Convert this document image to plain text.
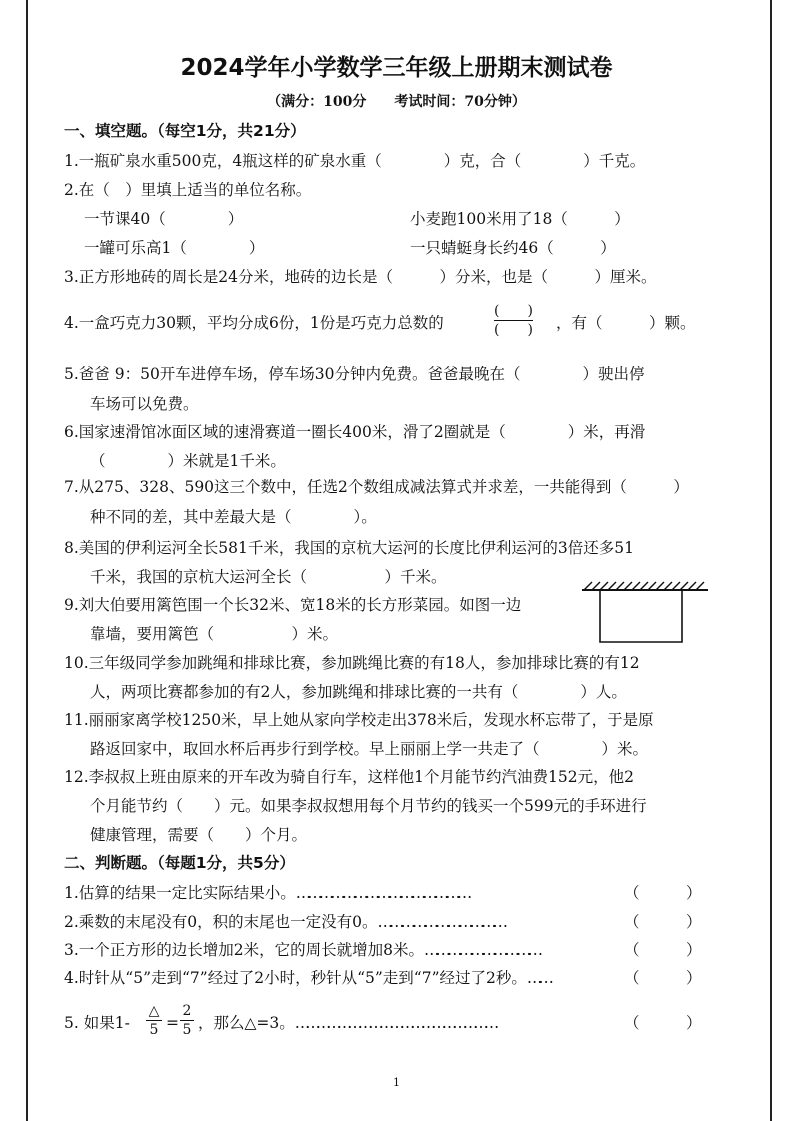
2024学年小学数学三年级上册期末测试卷
（满分：100分　　考试时间：70分钟）
一、填空题。（每空1分，共21分）
1.一瓶矿泉水重500克，4瓶这样的矿泉水重（　　　　）克，合（　　　　）千克。
2.在（　）里填上适当的单位名称。
一节课40（　　　　）	小麦跑100米用了18（　　　）
一罐可乐高1（　　　　）	一只蜻蜓身长约46（　　　）
3.正方形地砖的周长是24分米，地砖的边长是（　　　）分米，也是（　　　）厘米。
4.一盒巧克力30颗，平均分成6份，1份是巧克力总数的
(　　)
(　　) ，有（　　　）颗。
5.爸爸 9：50开车进停车场，停车场30分钟内免费。爸爸最晚在（　　　　）驶出停
车场可以免费。
6.国家速滑馆冰面区域的速滑赛道一圈长400米，滑了2圈就是（　　　　）米，再滑
（　　　　）米就是1千米。
7.从275、328、590这三个数中，任选2个数组成减法算式并求差，一共能得到（　　　）
种不同的差，其中差最大是（　　　　）。
8.美国的伊利运河全长581千米，我国的京杭大运河的长度比伊利运河的3倍还多51
千米，我国的京杭大运河全长（　　　　　）千米。
9.刘大伯要用篱笆围一个长32米、宽18米的长方形菜园。如图一边
靠墙，要用篱笆（　　　　　）米。
10.三年级同学参加跳绳和排球比赛，参加跳绳比赛的有18人，参加排球比赛的有12
人，两项比赛都参加的有2人，参加跳绳和排球比赛的一共有（　　　　）人。
11.丽丽家离学校1250米，早上她从家向学校走出378米后，发现水杯忘带了，于是原
路返回家中，取回水杯后再步行到学校。早上丽丽上学一共走了（　　　　）米。
12.李叔叔上班由原来的开车改为骑自行车，这样他1个月能节约汽油费152元，他2
个月能节约（　　）元。如果李叔叔想用每个月节约的钱买一个599元的手环进行
健康管理，需要（　　）个月。
二、判断题。（每题1分，共5分）
1.估算的结果一定比实际结果小。………………………………………	（　　　）
2.乘数的末尾没有0，积的末尾也一定没有0。……………………………	（　　　）
3.一个正方形的边长增加2米，它的周长就增加8米。…………………………	（　　　）
4.时针从“5”走到“7”经过了2小时，秒针从“5”走到“7”经过了2秒。……	（　　　）
5. 如果1-
△
5 =
2
5 ，那么△=3。…………………………………………………	（　　　）
1
